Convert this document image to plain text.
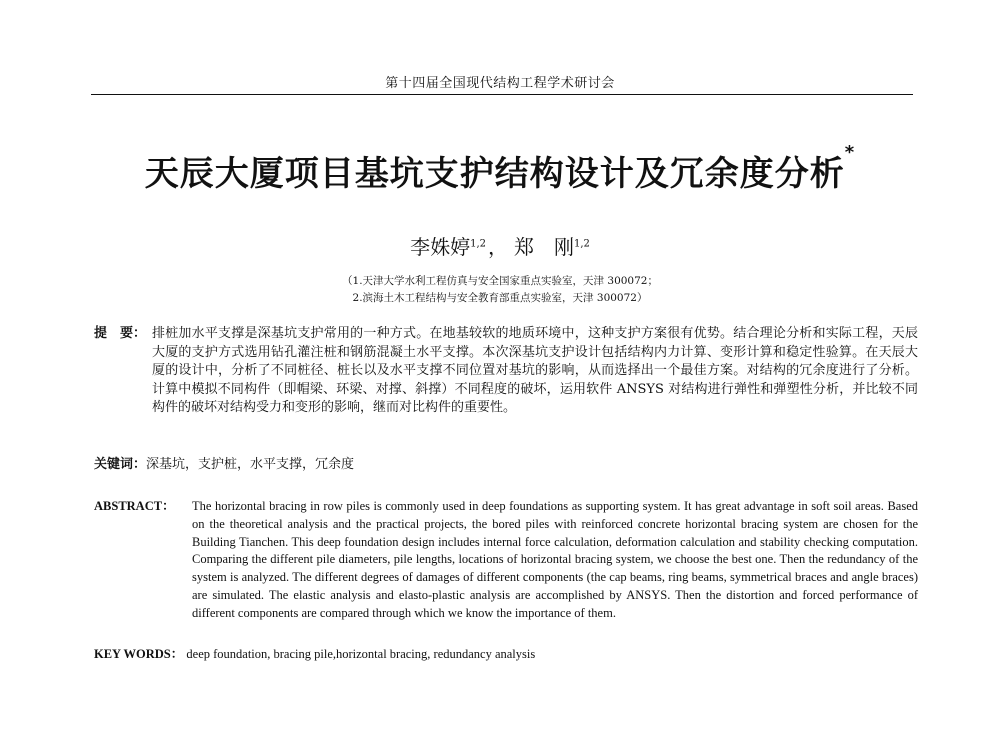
第十四届全国现代结构工程学术研讨会
天辰大厦项目基坑支护结构设计及冗余度分析*
李姝婷$^{1,2}$ ， 郑　刚$^{1,2}$
（1.天津大学水利工程仿真与安全国家重点实验室，天津 300072；
2.滨海土木工程结构与安全教育部重点实验室，天津 300072）
提　要： 排桩加水平支撑是深基坑支护常用的一种方式。在地基较软的地质环境中，这种支护方案很有优势。结合理论分析和实际工程，天辰大厦的支护方式选用钻孔灌注桩和钢筋混凝土水平支撑。本次深基坑支护设计包括结构内力计算、变形计算和稳定性验算。在天辰大厦的设计中，分析了不同桩径、桩长以及水平支撑不同位置对基坑的影响，从而选择出一个最佳方案。对结构的冗余度进行了分析。计算中模拟不同构件（即帽梁、环梁、对撑、斜撑）不同程度的破坏，运用软件 ANSYS 对结构进行弹性和弹塑性分析，并比较不同构件的破坏对结构受力和变形的影响，继而对比构件的重要性。
关键词：深基坑，支护桩，水平支撑，冗余度
ABSTRACT：	The horizontal bracing in row piles is commonly used in deep foundations as supporting system. It has great advantage in soft soil areas. Based on the theoretical analysis and the practical projects, the bored piles with reinforced concrete horizontal bracing system are chosen for the Building Tianchen. This deep foundation design includes internal force calculation, deformation calculation and stability checking computation. Comparing the different pile diameters, pile lengths, locations of horizontal bracing system, we choose the best one. Then the redundancy of the system is analyzed. The different degrees of damages of different components (the cap beams, ring beams, symmetrical braces and angle braces) are simulated. The elastic analysis and elasto-plastic analysis are accomplished by ANSYS. Then the distortion and forced performance of different components are compared through which we know the importance of them.
KEY WORDS： deep foundation, bracing pile,horizontal bracing, redundancy analysis
